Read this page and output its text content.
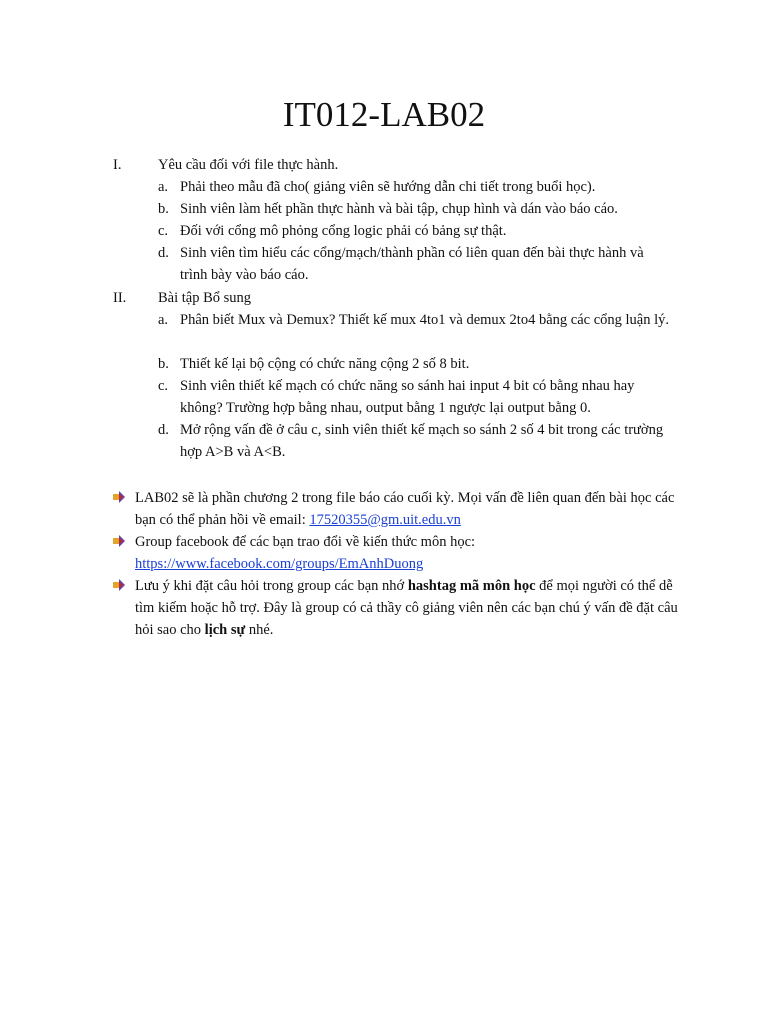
IT012-LAB02
I.	Yêu cầu đối với file thực hành.
a. Phải theo mẫu đã cho( giảng viên sẽ hướng dẫn chi tiết trong buổi học).
b. Sinh viên làm hết phần thực hành và bài tập, chụp hình và dán vào báo cáo.
c. Đối với cổng mô phỏng cổng logic phải có bảng sự thật.
d. Sinh viên tìm hiểu các cổng/mạch/thành phần có liên quan đến bài thực hành và trình bày vào báo cáo.
II. Bài tập Bổ sung
a. Phân biết Mux và Demux? Thiết kế mux 4to1 và demux 2to4 bằng các cổng luận lý.
b. Thiết kế lại bộ cộng có chức năng cộng 2 số 8 bit.
c. Sinh viên thiết kế mạch có chức năng so sánh hai input 4 bit có bằng nhau hay không? Trường hợp bằng nhau, output bằng 1 ngược lại output bằng 0.
d. Mở rộng vấn đề ở câu c, sinh viên thiết kế mạch so sánh 2 số 4 bit trong các trường hợp A>B và A<B.
LAB02 sẽ là phần chương 2 trong file báo cáo cuối kỳ. Mọi vấn đề liên quan đến bài học các bạn có thể phản hồi về email: 17520355@gm.uit.edu.vn
Group facebook để các bạn trao đổi về kiến thức môn học:
https://www.facebook.com/groups/EmAnhDuong
Lưu ý khi đặt câu hỏi trong group các bạn nhớ hashtag mã môn học để mọi người có thể dễ tìm kiếm hoặc hỗ trợ. Đây là group có cả thầy cô giảng viên nên các bạn chú ý vấn đề đặt câu hỏi sao cho lịch sự nhé.
